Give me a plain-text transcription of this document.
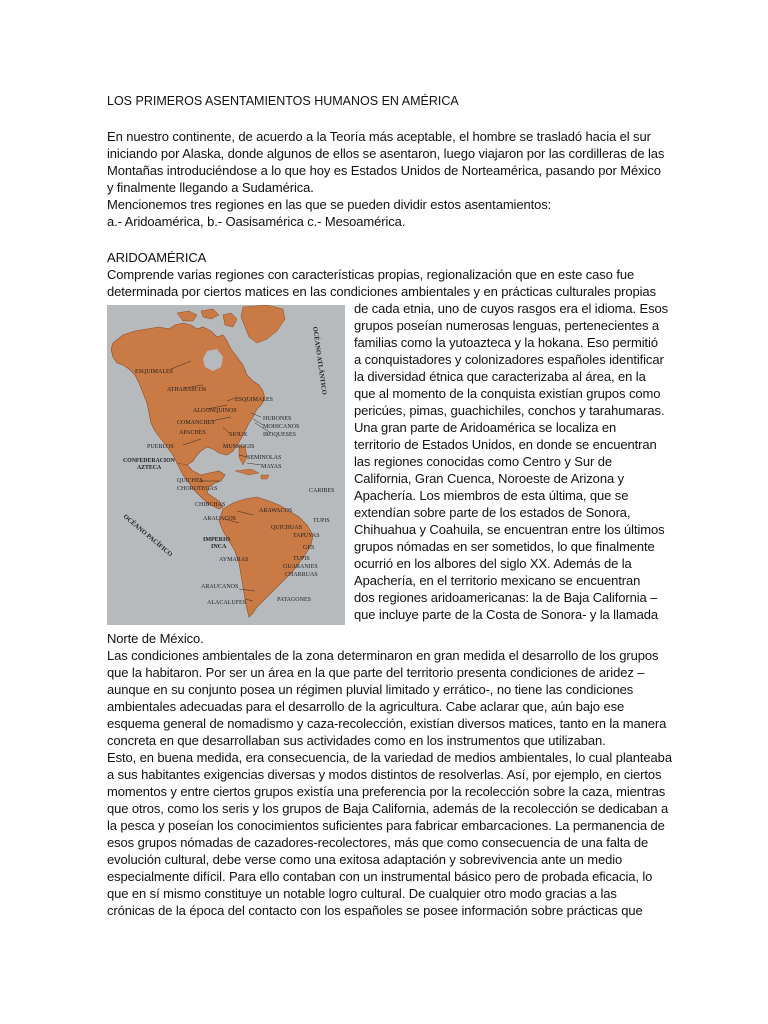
LOS PRIMEROS ASENTAMIENTOS HUMANOS EN AMÉRICA
En nuestro continente, de acuerdo a la Teoría más aceptable, el hombre se trasladó hacia el sur
iniciando por Alaska, donde algunos de ellos se asentaron, luego viajaron por las cordilleras de las
Montañas introduciéndose a lo que hoy es Estados Unidos de Norteamérica, pasando por México
y finalmente llegando a Sudamérica.
Mencionemos tres regiones en las que se pueden dividir estos asentamientos:
a.- Aridoamérica, b.- Oasisamérica c.- Mesoamérica.
ARIDOAMÉRICA
Comprende varias regiones con características propias, regionalización que en este caso fue
determinada por ciertos matices en las condiciones ambientales y en prácticas culturales propias
de cada etnia, uno de cuyos rasgos era el idioma. Esos
grupos poseían numerosas lenguas, pertenecientes a
familias como la yutoazteca y la hokana. Eso permitió
a conquistadores y colonizadores españoles identificar
la diversidad étnica que caracterizaba al área, en la
que al momento de la conquista existían grupos como
pericúes, pimas, guachichiles, conchos y tarahumaras.
Una gran parte de Aridoamérica se localiza en
territorio de Estados Unidos, en donde se encuentran
las regiones conocidas como Centro y Sur de
California, Gran Cuenca, Noroeste de Arizona y
Apachería. Los miembros de esta última, que se
extendían sobre parte de los estados de Sonora,
Chihuahua y Coahuila, se encuentran entre los últimos
grupos nómadas en ser sometidos, lo que finalmente
ocurrió en los albores del siglo XX. Además de la
Apachería, en el territorio mexicano se encuentran
dos regiones aridoamericanas: la de Baja California –
que incluye parte de la Costa de Sonora- y la llamada
ESQUIMALES
ATHABASCOS
ESQUIMALES
ALGONQUINOS
COMANCHES
APACHES	SIOUX
HURONES
MOHICANOS
IROQUESES
PUEBLOS	MUSKOGIS
CONFEDERACION
AZTECA
SEMINOLAS
MAYAS
QUICHES
CHOROTEGAS	CARIBES
CHIBCHAS
ARAWACOS
ARAUACOS	TUPIS
IMPERIO
INCA
QUICHUAS
TAPUYAS
GES
AYMARAS	TUPIS
GUARANIES
CHARRUAS
ARAUCANOS
ALACALUFES	PATAGONES
OCÉANO ATLÁNTICO
OCÉANO PACÍFICO
Norte de México.
Las condiciones ambientales de la zona determinaron en gran medida el desarrollo de los grupos
que la habitaron. Por ser un área en la que parte del territorio presenta condiciones de aridez –
aunque en su conjunto posea un régimen pluvial limitado y errático-, no tiene las condiciones
ambientales adecuadas para el desarrollo de la agricultura. Cabe aclarar que, aún bajo ese
esquema general de nomadismo y caza-recolección, existían diversos matices, tanto en la manera
concreta en que desarrollaban sus actividades como en los instrumentos que utilizaban.
Esto, en buena medida, era consecuencia, de la variedad de medios ambientales, lo cual planteaba
a sus habitantes exigencias diversas y modos distintos de resolverlas. Así, por ejemplo, en ciertos
momentos y entre ciertos grupos existía una preferencia por la recolección sobre la caza, mientras
que otros, como los seris y los grupos de Baja California, además de la recolección se dedicaban a
la pesca y poseían los conocimientos suficientes para fabricar embarcaciones. La permanencia de
esos grupos nómadas de cazadores-recolectores, más que como consecuencia de una falta de
evolución cultural, debe verse como una exitosa adaptación y sobrevivencia ante un medio
especialmente difícil. Para ello contaban con un instrumental básico pero de probada eficacia, lo
que en sí mismo constituye un notable logro cultural. De cualquier otro modo gracias a las
crónicas de la época del contacto con los españoles se posee información sobre prácticas que
